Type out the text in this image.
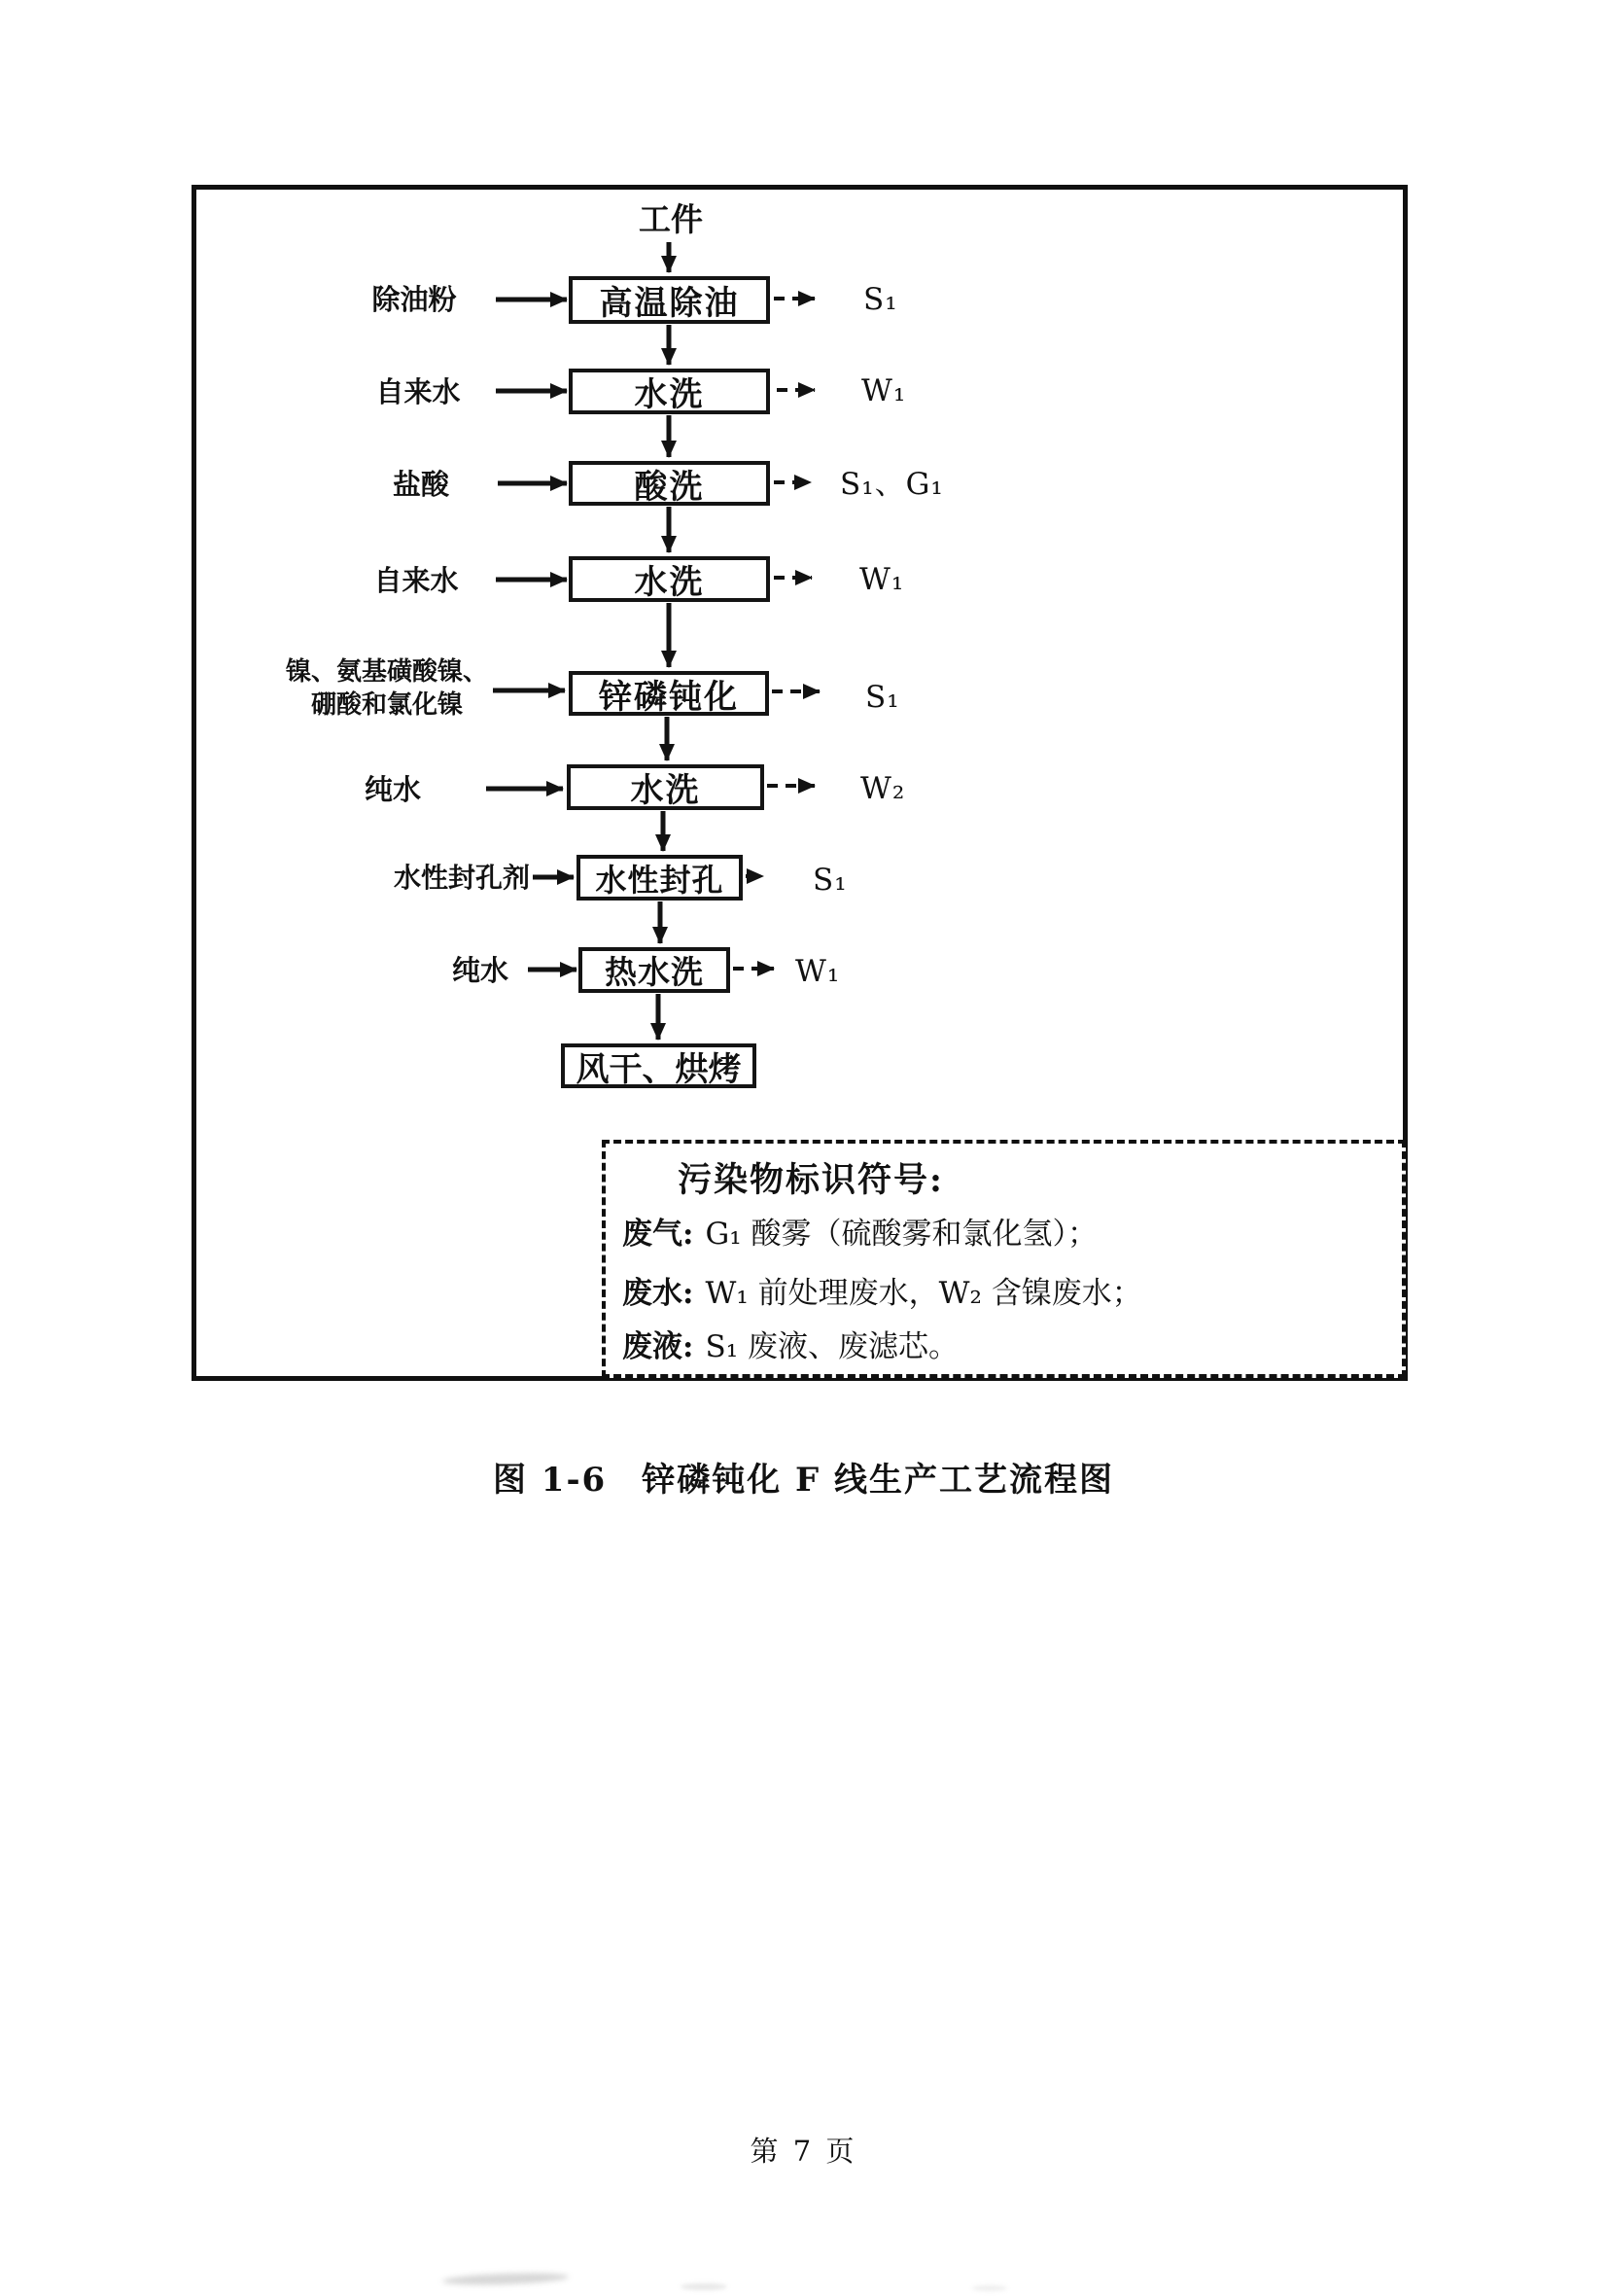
工件
高温除油
水洗
酸洗
水洗
锌磷钝化
水洗
水性封孔
热水洗
风干、烘烤
除油粉
自来水
盐酸
自来水
镍、氨基磺酸镍、
硼酸和氯化镍
纯水
水性封孔剂
纯水
S₁
W₁
S₁、G₁
W₁
S₁
W₂
S₁
W₁
污染物标识符号:
废气: G₁ 酸雾（硫酸雾和氯化氢）；
废水: W₁ 前处理废水，W₂ 含镍废水；
废液: S₁ 废液、废滤芯。
图 1-6　锌磷钝化 F 线生产工艺流程图
第 7 页
